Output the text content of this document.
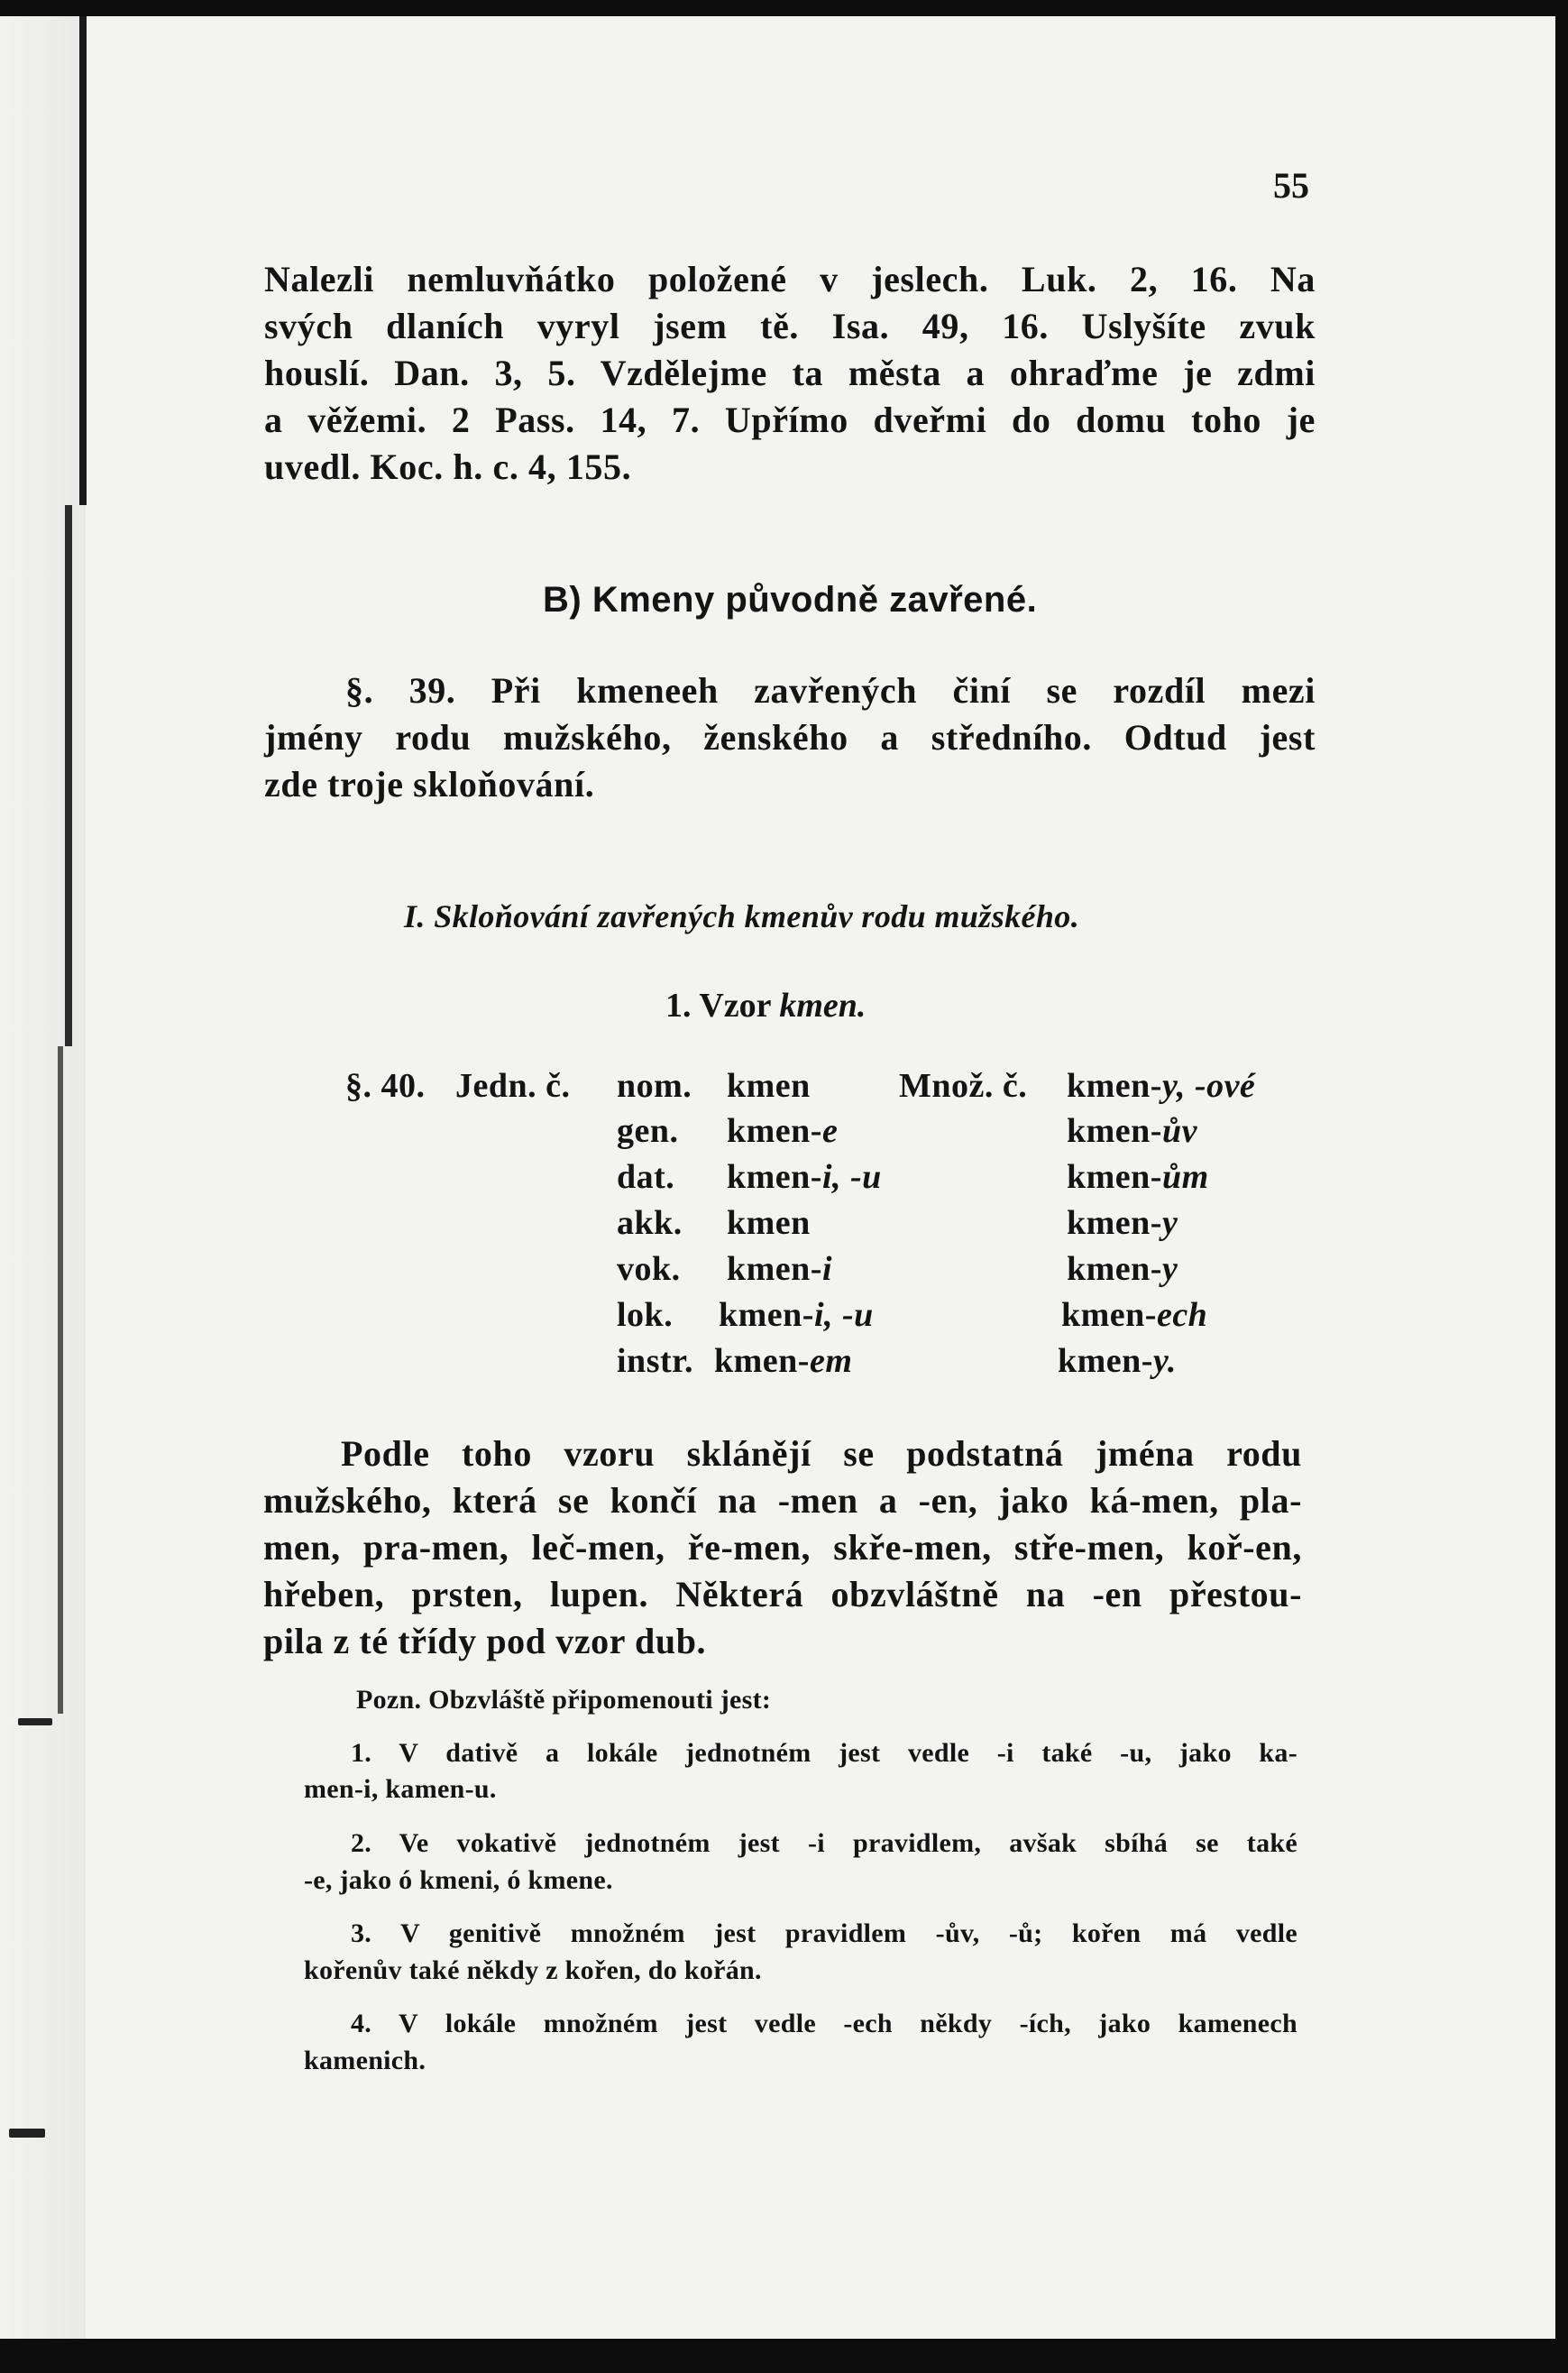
55
Nalezli nemluvňátko položené v jeslech. Luk. 2, 16. Na
svých dlaních vyryl jsem tě. Isa. 49, 16. Uslyšíte zvuk
houslí. Dan. 3, 5. Vzdělejme ta města a ohraďme je zdmi
a věžemi. 2 Pass. 14, 7. Upřímo dveřmi do domu toho je
uvedl. Koc. h. c. 4, 155.
B) Kmeny původně zavřené.
§. 39. Při kmeneeh zavřených činí se rozdíl mezi
jmény rodu mužského, ženského a středního. Odtud jest
zde troje skloňování.
I. Skloňování zavřených kmenův rodu mužského.
1. Vzor kmen.
§. 40. Jedn. č.	Množ. č.
nom. kmen	kmen-y, -ové
gen. kmen-e	kmen-ův
dat. kmen-i, -u	kmen-ům
akk. kmen	kmen-y
vok. kmen-i	kmen-y
lok. kmen-i, -u	kmen-ech
instr. kmen-em	kmen-y.
Podle toho vzoru sklánějí se podstatná jména rodu
mužského, která se končí na -men a -en, jako ká-men, pla-
men, pra-men, leč-men, ře-men, skře-men, stře-men, koř-en,
hřeben, prsten, lupen. Některá obzvláštně na -en přestou-
pila z té třídy pod vzor dub.
Pozn. Obzvláště připomenouti jest:
1. V dativě a lokále jednotném jest vedle -i také -u, jako ka-
men-i, kamen-u.
2. Ve vokativě jednotném jest -i pravidlem, avšak sbíhá se také
-e, jako ó kmeni, ó kmene.
3. V genitivě množném jest pravidlem -ův, -ů; kořen má vedle
kořenův také někdy z kořen, do kořán.
4. V lokále množném jest vedle -ech někdy -ích, jako kamenech
kamenich.
